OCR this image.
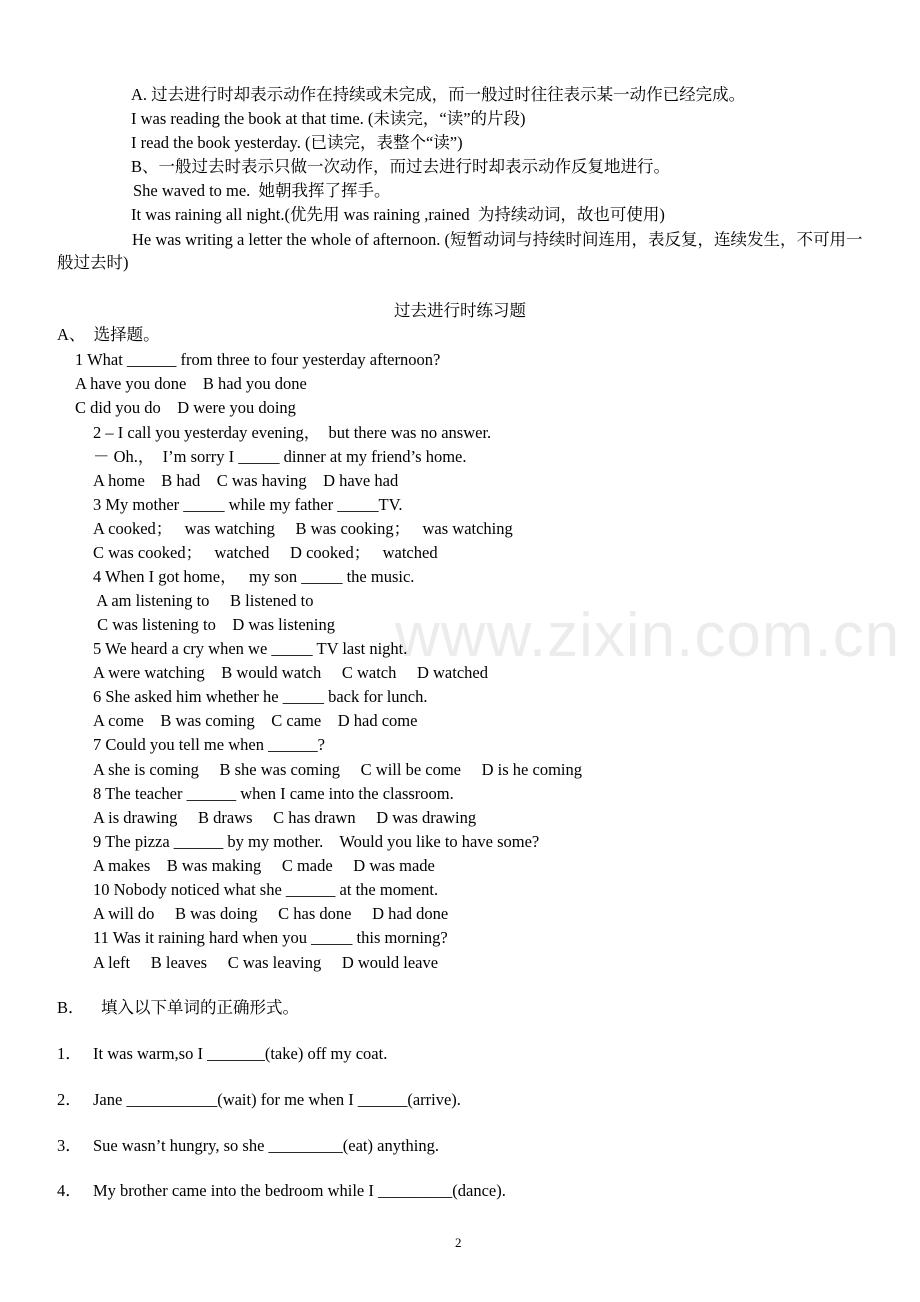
A. 过去进行时却表示动作在持续或未完成，而一般过时往往表示某一动作已经完成。
I was reading the book at that time. (未读完，“读”的片段)
I read the book yesterday. (已读完，表整个“读”)
B、一般过去时表示只做一次动作，而过去进行时却表示动作反复地进行。
She waved to me.  她朝我挥了挥手。
It was raining all night.(优先用 was raining ,rained  为持续动词，故也可使用)
He was writing a letter the whole of afternoon. (短暂动词与持续时间连用，表反复，连续发生，不可用一般过去时)
过去进行时练习题
A、  选择题。
1 What ______ from three to four yesterday afternoon?
A have you done    B had you done
C did you do    D were you doing
2 – I call you yesterday evening，  but there was no answer.
－ Oh.，  I’m sorry I _____ dinner at my friend’s home.
A home    B had    C was having    D have had
3 My mother _____ while my father _____TV.
A cooked；   was watching     B was cooking；   was watching
C was cooked；   watched     D cooked；   watched
4 When I got home，   my son _____ the music.
A am listening to     B listened to
C was listening to    D was listening
5 We heard a cry when we _____ TV last night.
A were watching    B would watch     C watch     D watched
6 She asked him whether he _____ back for lunch.
A come    B was coming    C came    D had come
7 Could you tell me when ______?
A she is coming     B she was coming     C will be come     D is he coming
8 The teacher ______ when I came into the classroom.
A is drawing     B draws     C has drawn     D was drawing
9 The pizza ______ by my mother.    Would you like to have some?
A makes    B was making     C made     D was made
10 Nobody noticed what she ______ at the moment.
A will do     B was doing     C has done     D had done
11 Was it raining hard when you _____ this morning?
A left     B leaves     C was leaving     D would leave
B．    填入以下单词的正确形式。
1． It was warm,so I _______(take) off my coat.
2． Jane ___________(wait) for me when I ______(arrive).
3． Sue wasn’t hungry, so she _________(eat) anything.
4． My brother came into the bedroom while I _________(dance).
www.zixin.com.cn
2
